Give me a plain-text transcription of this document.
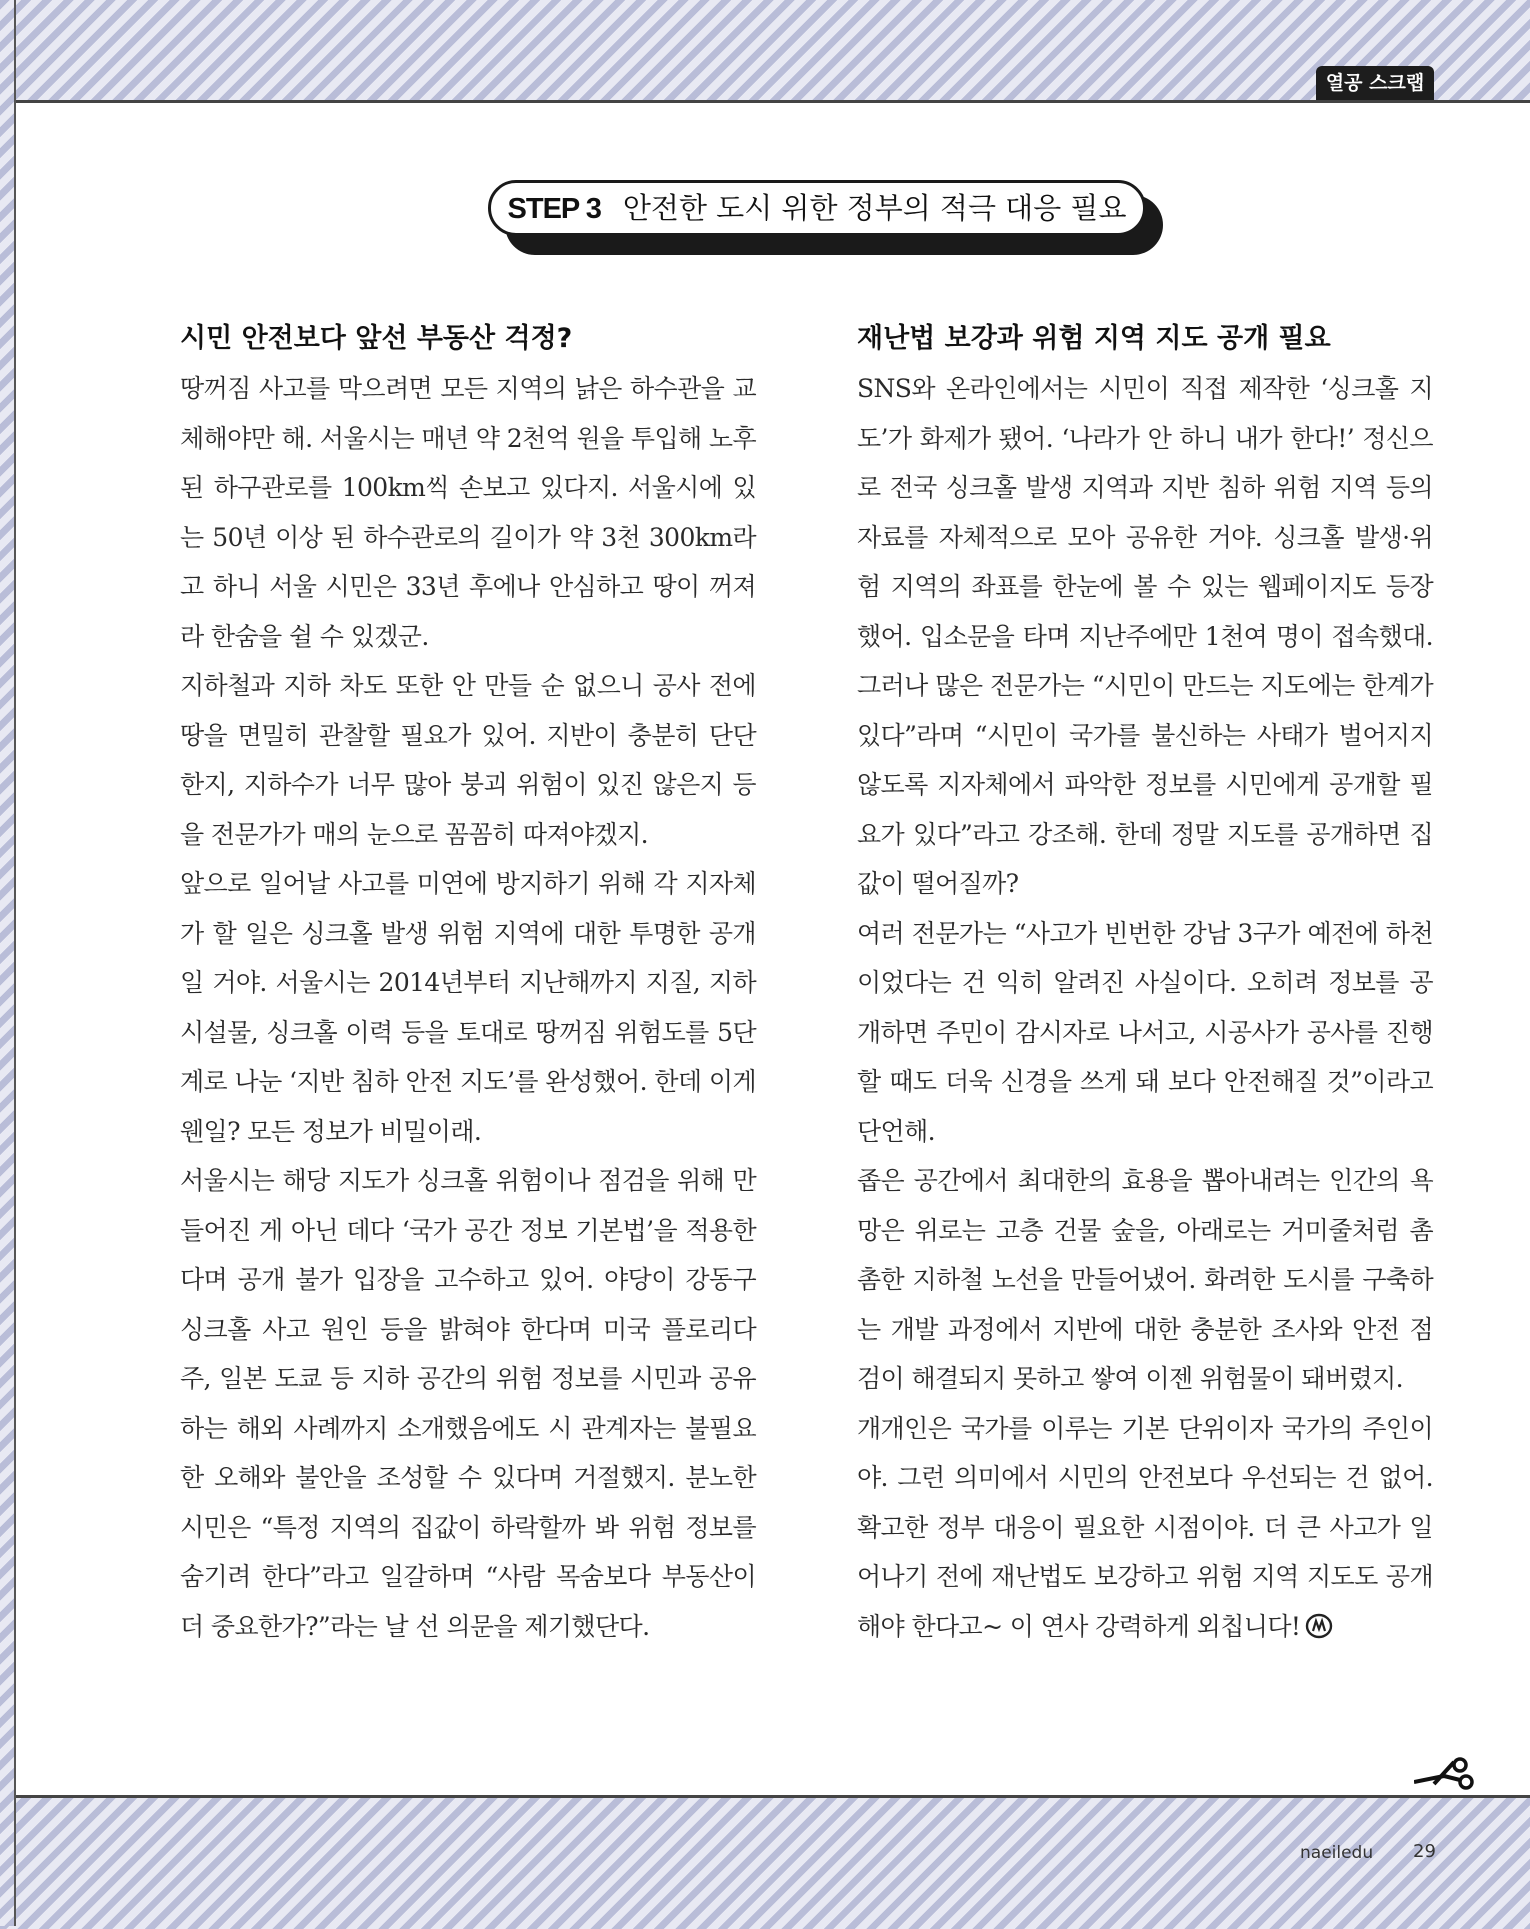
열공 스크랩
STEP 3 안전한 도시 위한 정부의 적극 대응 필요
시민 안전보다 앞선 부동산 걱정?

땅꺼짐 사고를 막으려면 모든 지역의 낡은 하수관을 교체해야만 해. 서울시는 매년 약 2천억 원을 투입해 노후된 하구관로를 100km씩 손보고 있다지. 서울시에 있는 50년 이상 된 하수관로의 길이가 약 3천 300km라고 하니 서울 시민은 33년 후에나 안심하고 땅이 꺼져라 한숨을 쉴 수 있겠군.

지하철과 지하 차도 또한 안 만들 순 없으니 공사 전에 땅을 면밀히 관찰할 필요가 있어. 지반이 충분히 단단한지, 지하수가 너무 많아 붕괴 위험이 있진 않은지 등을 전문가가 매의 눈으로 꼼꼼히 따져야겠지.

앞으로 일어날 사고를 미연에 방지하기 위해 각 지자체가 할 일은 싱크홀 발생 위험 지역에 대한 투명한 공개일 거야. 서울시는 2014년부터 지난해까지 지질, 지하 시설물, 싱크홀 이력 등을 토대로 땅꺼짐 위험도를 5단계로 나눈 ‘지반 침하 안전 지도’를 완성했어. 한데 이게 웬일? 모든 정보가 비밀이래.

서울시는 해당 지도가 싱크홀 위험이나 점검을 위해 만들어진 게 아닌 데다 ‘국가 공간 정보 기본법’을 적용한다며 공개 불가 입장을 고수하고 있어. 야당이 강동구 싱크홀 사고 원인 등을 밝혀야 한다며 미국 플로리다주, 일본 도쿄 등 지하 공간의 위험 정보를 시민과 공유하는 해외 사례까지 소개했음에도 시 관계자는 불필요한 오해와 불안을 조성할 수 있다며 거절했지. 분노한 시민은 “특정 지역의 집값이 하락할까 봐 위험 정보를 숨기려 한다”라고 일갈하며 “사람 목숨보다 부동산이 더 중요한가?”라는 날 선 의문을 제기했단다.

재난법 보강과 위험 지역 지도 공개 필요

SNS와 온라인에서는 시민이 직접 제작한 ‘싱크홀 지도’가 화제가 됐어. ‘나라가 안 하니 내가 한다!’ 정신으로 전국 싱크홀 발생 지역과 지반 침하 위험 지역 등의 자료를 자체적으로 모아 공유한 거야. 싱크홀 발생·위험 지역의 좌표를 한눈에 볼 수 있는 웹페이지도 등장했어. 입소문을 타며 지난주에만 1천여 명이 접속했대. 그러나 많은 전문가는 “시민이 만드는 지도에는 한계가 있다”라며 “시민이 국가를 불신하는 사태가 벌어지지 않도록 지자체에서 파악한 정보를 시민에게 공개할 필요가 있다”라고 강조해. 한데 정말 지도를 공개하면 집값이 떨어질까?

여러 전문가는 “사고가 빈번한 강남 3구가 예전에 하천이었다는 건 익히 알려진 사실이다. 오히려 정보를 공개하면 주민이 감시자로 나서고, 시공사가 공사를 진행할 때도 더욱 신경을 쓰게 돼 보다 안전해질 것”이라고 단언해.

좁은 공간에서 최대한의 효용을 뽑아내려는 인간의 욕망은 위로는 고층 건물 숲을, 아래로는 거미줄처럼 촘촘한 지하철 노선을 만들어냈어. 화려한 도시를 구축하는 개발 과정에서 지반에 대한 충분한 조사와 안전 점검이 해결되지 못하고 쌓여 이젠 위험물이 돼버렸지.

개개인은 국가를 이루는 기본 단위이자 국가의 주인이야. 그런 의미에서 시민의 안전보다 우선되는 건 없어. 확고한 정부 대응이 필요한 시점이야. 더 큰 사고가 일어나기 전에 재난법도 보강하고 위험 지역 지도도 공개해야 한다고~ 이 연사 강력하게 외칩니다!

naeiledu 29
